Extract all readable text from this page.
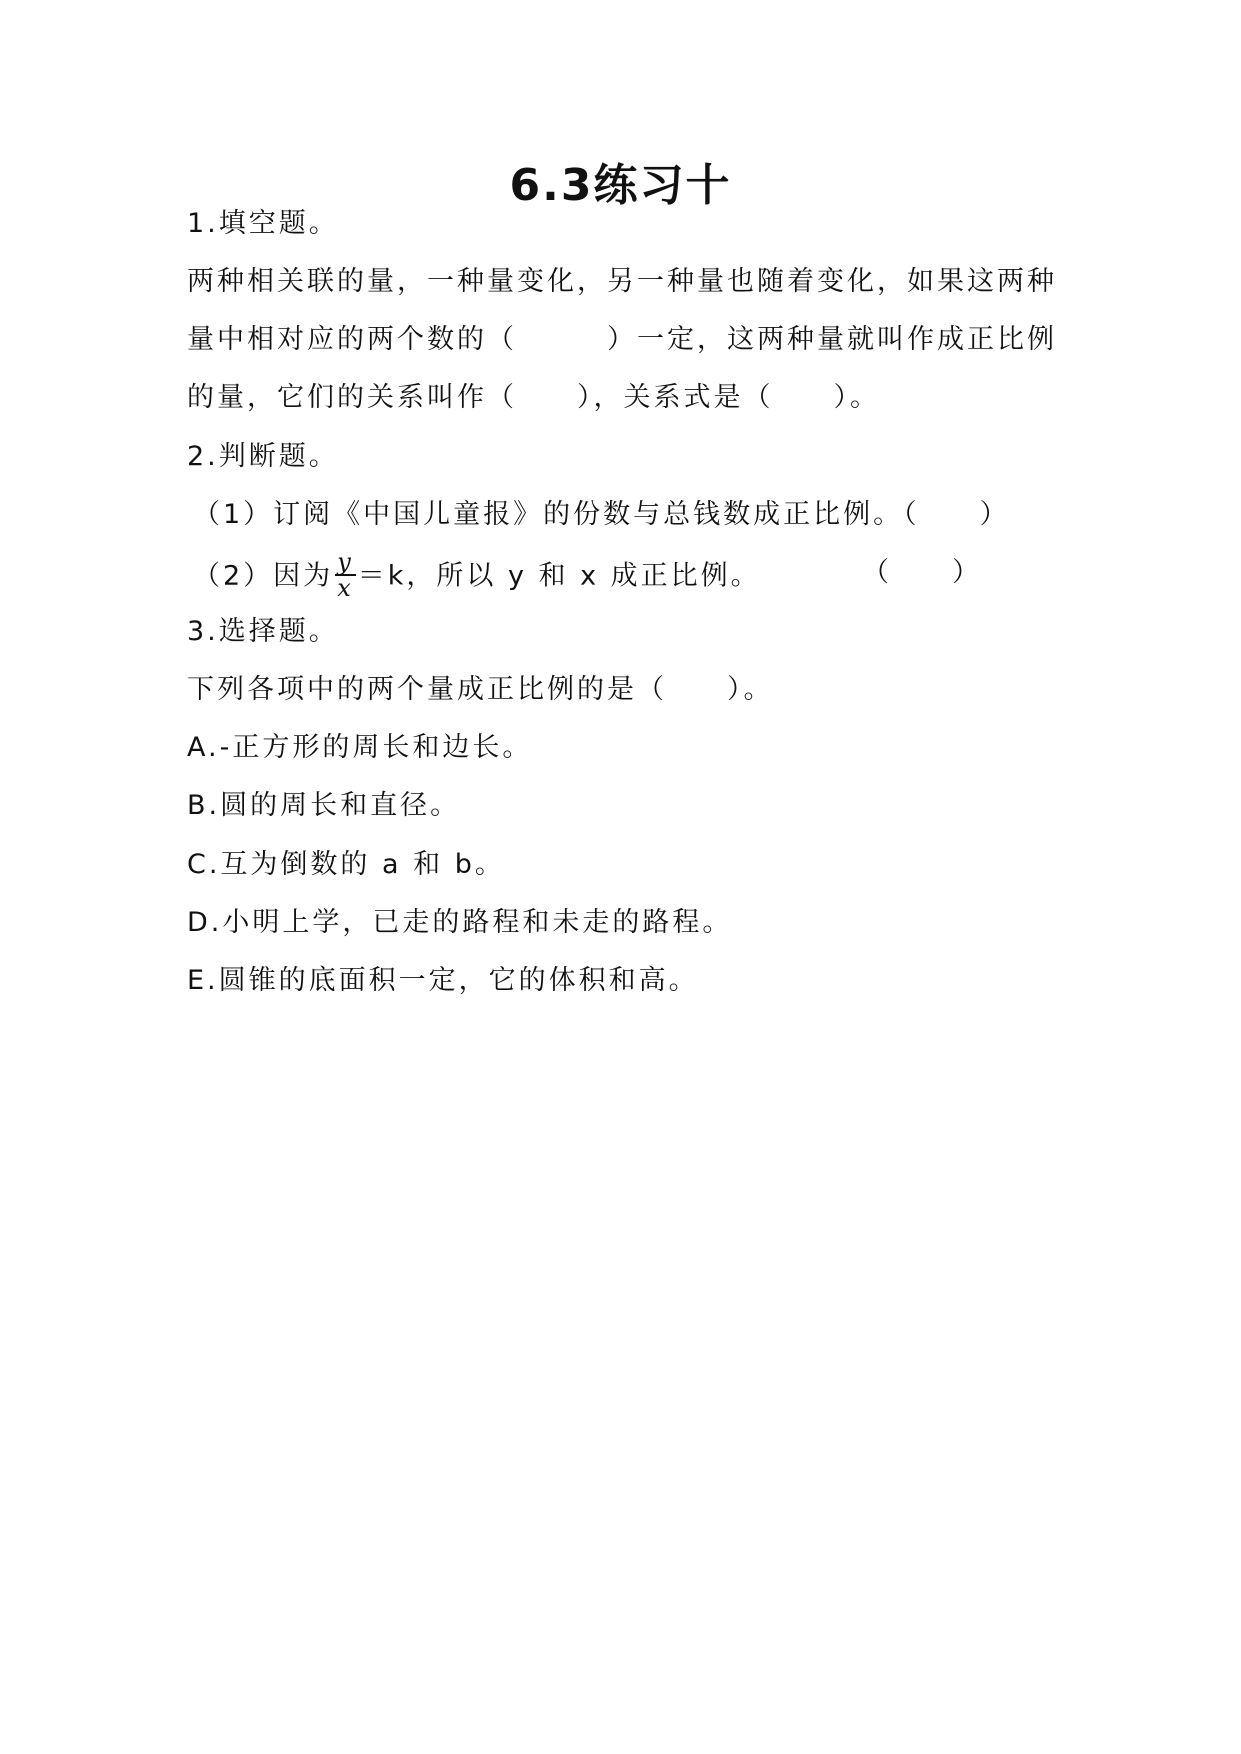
6.3练习十
1.填空题。
两种相关联的量，一种量变化，另一种量也随着变化，如果这两种
量中相对应的两个数的（　　　）一定，这两种量就叫作成正比例
的量，它们的关系叫作（　　），关系式是（　　）。
2.判断题。
（1）订阅《中国儿童报》的份数与总钱数成正比例。（　　）
（2）因为 $\frac{y}{x} =k$，所以 y 和 x 成正比例。	（　　）
3.选择题。
下列各项中的两个量成正比例的是（　　）。
A.-正方形的周长和边长。
B.圆的周长和直径。
C.互为倒数的 a 和 b。
D.小明上学，已走的路程和未走的路程。
E.圆锥的底面积一定，它的体积和高。
